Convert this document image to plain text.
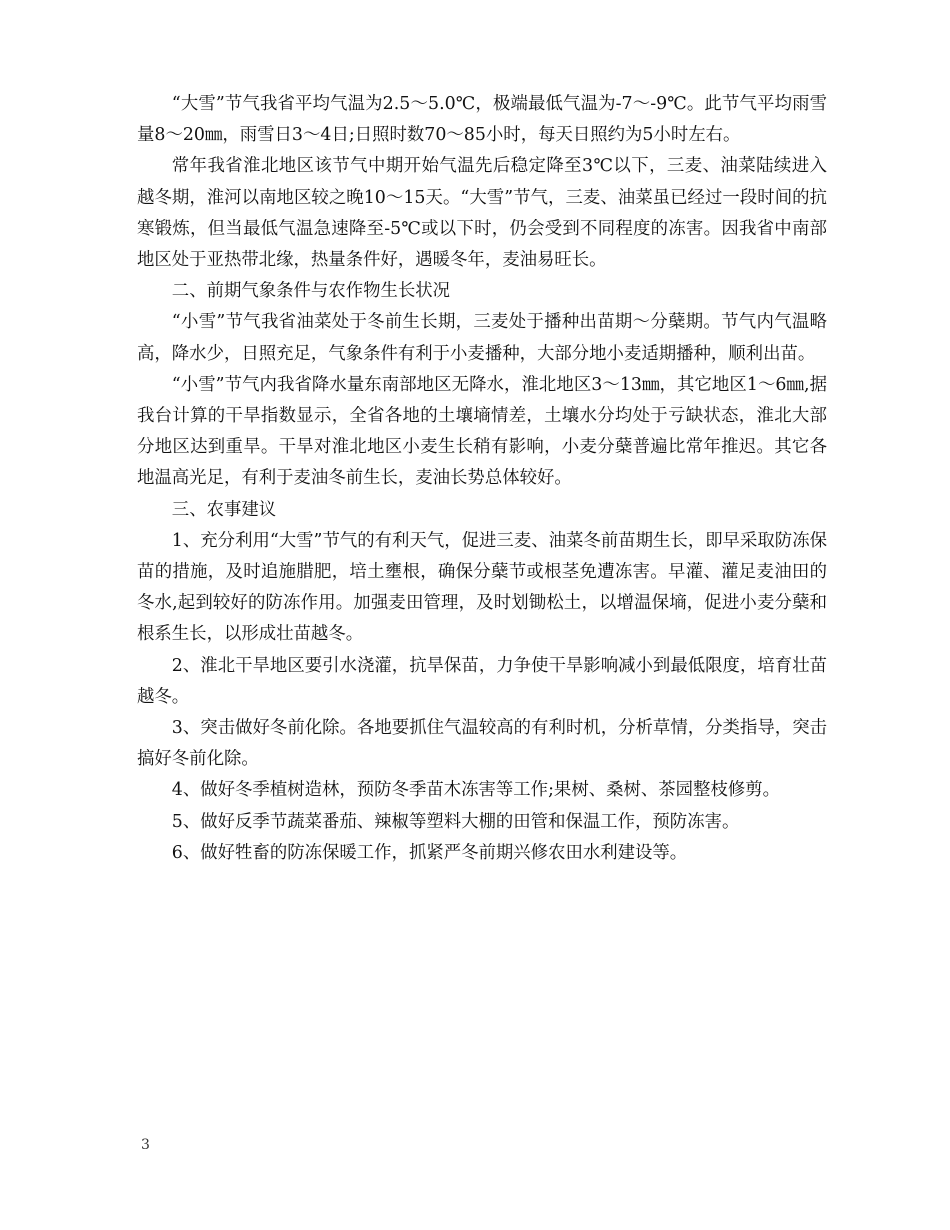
“大雪”节气我省平均气温为2.5～5.0℃，极端最低气温为-7～-9℃。此节气平均雨雪量8～20㎜，雨雪日3～4日;日照时数70～85小时，每天日照约为5小时左右。

常年我省淮北地区该节气中期开始气温先后稳定降至3℃以下，三麦、油菜陆续进入越冬期，淮河以南地区较之晚10～15天。“大雪”节气，三麦、油菜虽已经过一段时间的抗寒锻炼，但当最低气温急速降至-5℃或以下时，仍会受到不同程度的冻害。因我省中南部地区处于亚热带北缘，热量条件好，遇暖冬年，麦油易旺长。

二、前期气象条件与农作物生长状况

“小雪”节气我省油菜处于冬前生长期，三麦处于播种出苗期～分蘖期。节气内气温略高，降水少，日照充足，气象条件有利于小麦播种，大部分地小麦适期播种，顺利出苗。

“小雪”节气内我省降水量东南部地区无降水，淮北地区3～13㎜，其它地区1～6㎜,据我台计算的干旱指数显示，全省各地的土壤墒情差，土壤水分均处于亏缺状态，淮北大部分地区达到重旱。干旱对淮北地区小麦生长稍有影响，小麦分蘖普遍比常年推迟。其它各地温高光足，有利于麦油冬前生长，麦油长势总体较好。

三、农事建议

1、充分利用“大雪”节气的有利天气，促进三麦、油菜冬前苗期生长，即早采取防冻保苗的措施，及时追施腊肥，培土壅根，确保分蘖节或根茎免遭冻害。早灌、灌足麦油田的冬水,起到较好的防冻作用。加强麦田管理，及时划锄松土，以增温保墒，促进小麦分蘖和根系生长，以形成壮苗越冬。

2、淮北干旱地区要引水浇灌，抗旱保苗，力争使干旱影响减小到最低限度，培育壮苗越冬。

3、突击做好冬前化除。各地要抓住气温较高的有利时机，分析草情，分类指导，突击搞好冬前化除。

4、做好冬季植树造林，预防冬季苗木冻害等工作;果树、桑树、茶园整枝修剪。

5、做好反季节蔬菜番茄、辣椒等塑料大棚的田管和保温工作，预防冻害。

6、做好牲畜的防冻保暖工作，抓紧严冬前期兴修农田水利建设等。

3
